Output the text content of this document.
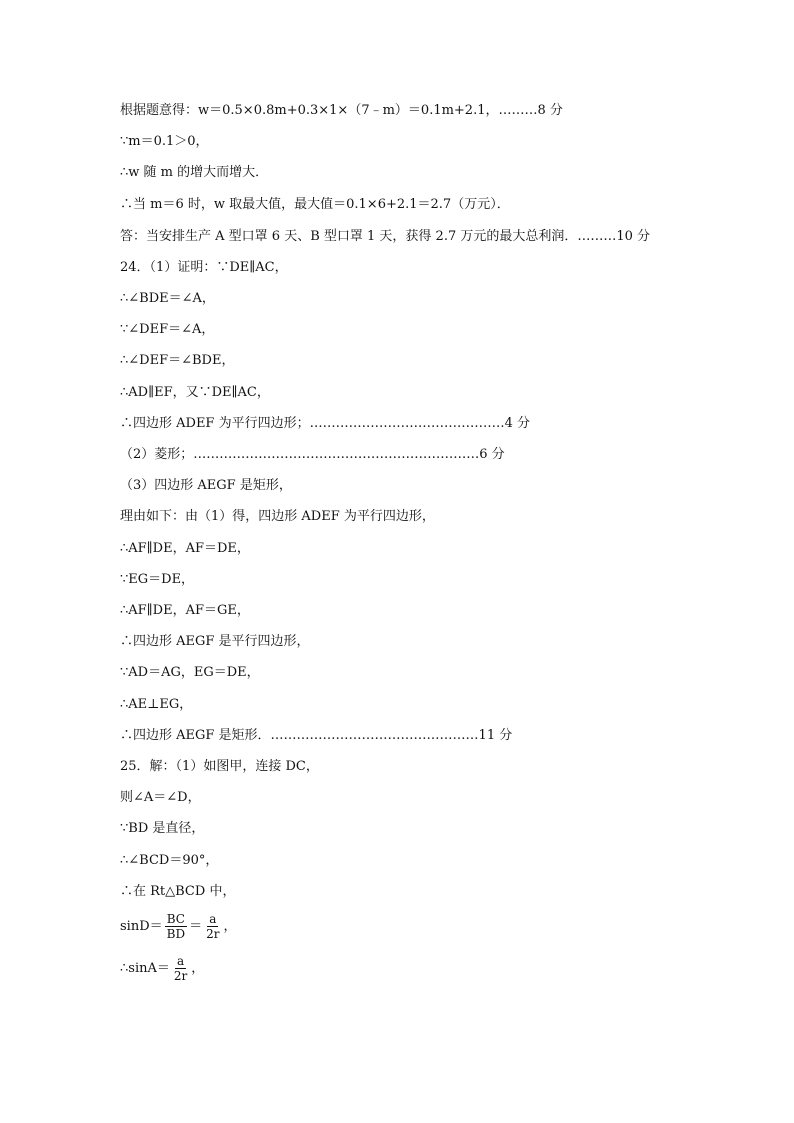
根据题意得：w＝0.5×0.8m+0.3×1×（7﹣m）＝0.1m+2.1，………8 分
∵m＝0.1＞0，
∴w 随 m 的增大而增大．
∴当 m＝6 时，w 取最大值，最大值＝0.1×6+2.1＝2.7（万元）．
答：当安排生产 A 型口罩 6 天、B 型口罩 1 天，获得 2.7 万元的最大总利润．………10 分
24．（1）证明：∵DE∥AC，
∴∠BDE＝∠A，
∵∠DEF＝∠A，
∴∠DEF＝∠BDE，
∴AD∥EF，又∵DE∥AC，
∴四边形 ADEF 为平行四边形；………………………………………4 分
（2）菱形；…………………………………………………………6 分
（3）四边形 AEGF 是矩形，
理由如下：由（1）得，四边形 ADEF 为平行四边形，
∴AF∥DE，AF＝DE，
∵EG＝DE，
∴AF∥DE，AF＝GE，
∴四边形 AEGF 是平行四边形，
∵AD＝AG，EG＝DE，
∴AE⊥EG，
∴四边形 AEGF 是矩形．…………………………………………11 分
25．解：（1）如图甲，连接 DC，
则∠A＝∠D，
∵BD 是直径，
∴∠BCD＝90°，
∴在 Rt△BCD 中，
$\sin D= \frac{BC}{BD} = \frac{a}{2r}$ ，
∴sinA＝ $\frac{a}{2r}$ ，
